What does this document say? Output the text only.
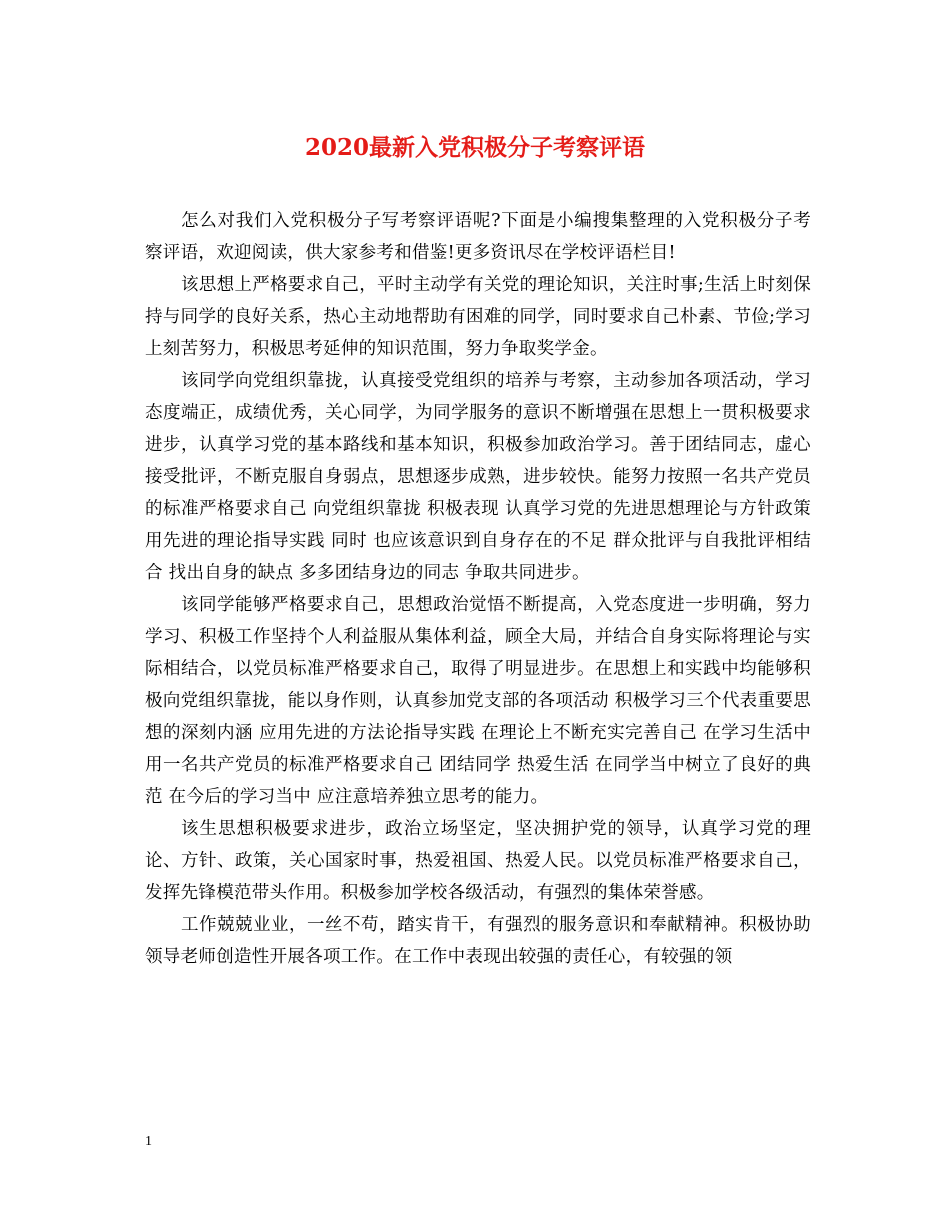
2020最新入党积极分子考察评语

怎么对我们入党积极分子写考察评语呢?下面是小编搜集整理的入党积极分子考察评语，欢迎阅读，供大家参考和借鉴!更多资讯尽在学校评语栏目!

该思想上严格要求自己，平时主动学有关党的理论知识，关注时事;生活上时刻保持与同学的良好关系，热心主动地帮助有困难的同学，同时要求自己朴素、节俭;学习上刻苦努力，积极思考延伸的知识范围，努力争取奖学金。

该同学向党组织靠拢，认真接受党组织的培养与考察，主动参加各项活动，学习态度端正，成绩优秀，关心同学，为同学服务的意识不断增强在思想上一贯积极要求进步，认真学习党的基本路线和基本知识，积极参加政治学习。善于团结同志，虚心接受批评，不断克服自身弱点，思想逐步成熟，进步较快。能努力按照一名共产党员的标准严格要求自己 向党组织靠拢 积极表现 认真学习党的先进思想理论与方针政策 用先进的理论指导实践 同时 也应该意识到自身存在的不足 群众批评与自我批评相结合 找出自身的缺点 多多团结身边的同志 争取共同进步。

该同学能够严格要求自己，思想政治觉悟不断提高，入党态度进一步明确，努力学习、积极工作坚持个人利益服从集体利益，顾全大局，并结合自身实际将理论与实际相结合，以党员标准严格要求自己，取得了明显进步。在思想上和实践中均能够积极向党组织靠拢，能以身作则，认真参加党支部的各项活动 积极学习三个代表重要思想的深刻内涵 应用先进的方法论指导实践 在理论上不断充实完善自己 在学习生活中 用一名共产党员的标准严格要求自己 团结同学 热爱生活 在同学当中树立了良好的典范 在今后的学习当中 应注意培养独立思考的能力。

该生思想积极要求进步，政治立场坚定，坚决拥护党的领导，认真学习党的理论、方针、政策，关心国家时事，热爱祖国、热爱人民。以党员标准严格要求自己，发挥先锋模范带头作用。积极参加学校各级活动，有强烈的集体荣誉感。

工作兢兢业业，一丝不苟，踏实肯干，有强烈的服务意识和奉献精神。积极协助领导老师创造性开展各项工作。在工作中表现出较强的责任心，有较强的领

1
